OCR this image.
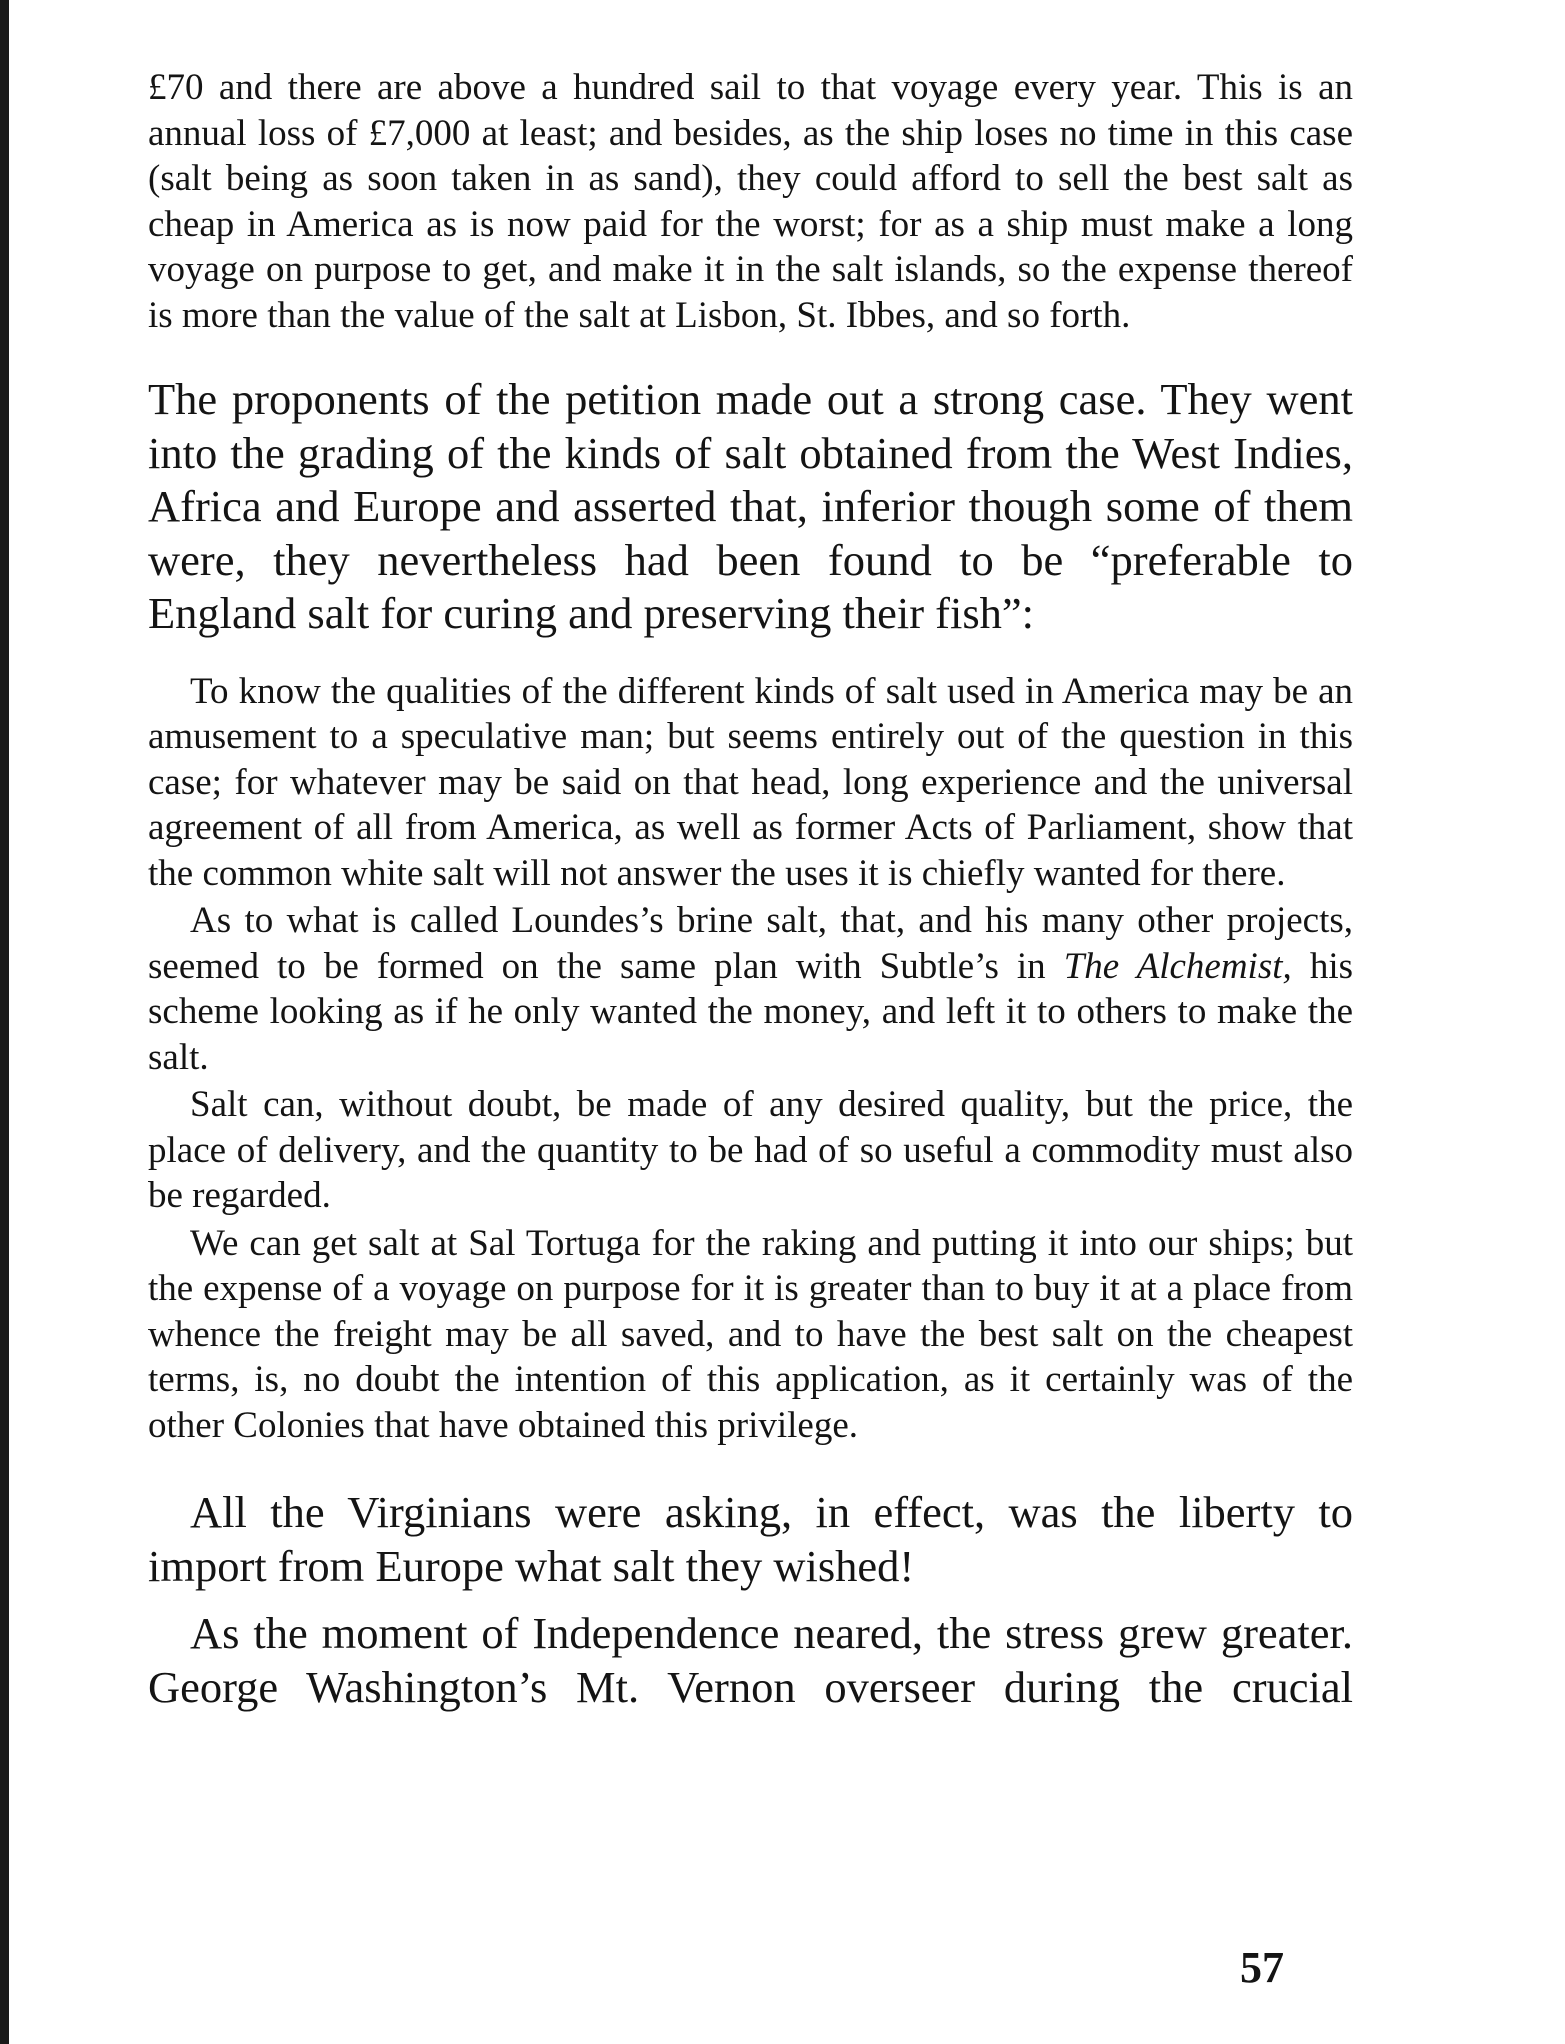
£70 and there are above a hundred sail to that voyage every year. This is an annual loss of £7,000 at least; and besides, as the ship loses no time in this case (salt being as soon taken in as sand), they could afford to sell the best salt as cheap in America as is now paid for the worst; for as a ship must make a long voyage on purpose to get, and make it in the salt islands, so the expense thereof is more than the value of the salt at Lisbon, St. Ibbes, and so forth.

The proponents of the petition made out a strong case. They went into the grading of the kinds of salt obtained from the West Indies, Africa and Europe and asserted that, inferior though some of them were, they nevertheless had been found to be “preferable to England salt for curing and preserving their fish”:

To know the qualities of the different kinds of salt used in America may be an amusement to a speculative man; but seems entirely out of the question in this case; for whatever may be said on that head, long experience and the universal agreement of all from America, as well as former Acts of Parliament, show that the common white salt will not answer the uses it is chiefly wanted for there.

As to what is called Loundes’s brine salt, that, and his many other projects, seemed to be formed on the same plan with Subtle’s in The Alchemist, his scheme looking as if he only wanted the money, and left it to others to make the salt.

Salt can, without doubt, be made of any desired quality, but the price, the place of delivery, and the quantity to be had of so useful a commodity must also be regarded.

We can get salt at Sal Tortuga for the raking and putting it into our ships; but the expense of a voyage on purpose for it is greater than to buy it at a place from whence the freight may be all saved, and to have the best salt on the cheapest terms, is, no doubt the intention of this application, as it certainly was of the other Colonies that have obtained this privilege.

All the Virginians were asking, in effect, was the liberty to import from Europe what salt they wished!

As the moment of Independence neared, the stress grew greater. George Washington’s Mt. Vernon overseer during the crucial

57
